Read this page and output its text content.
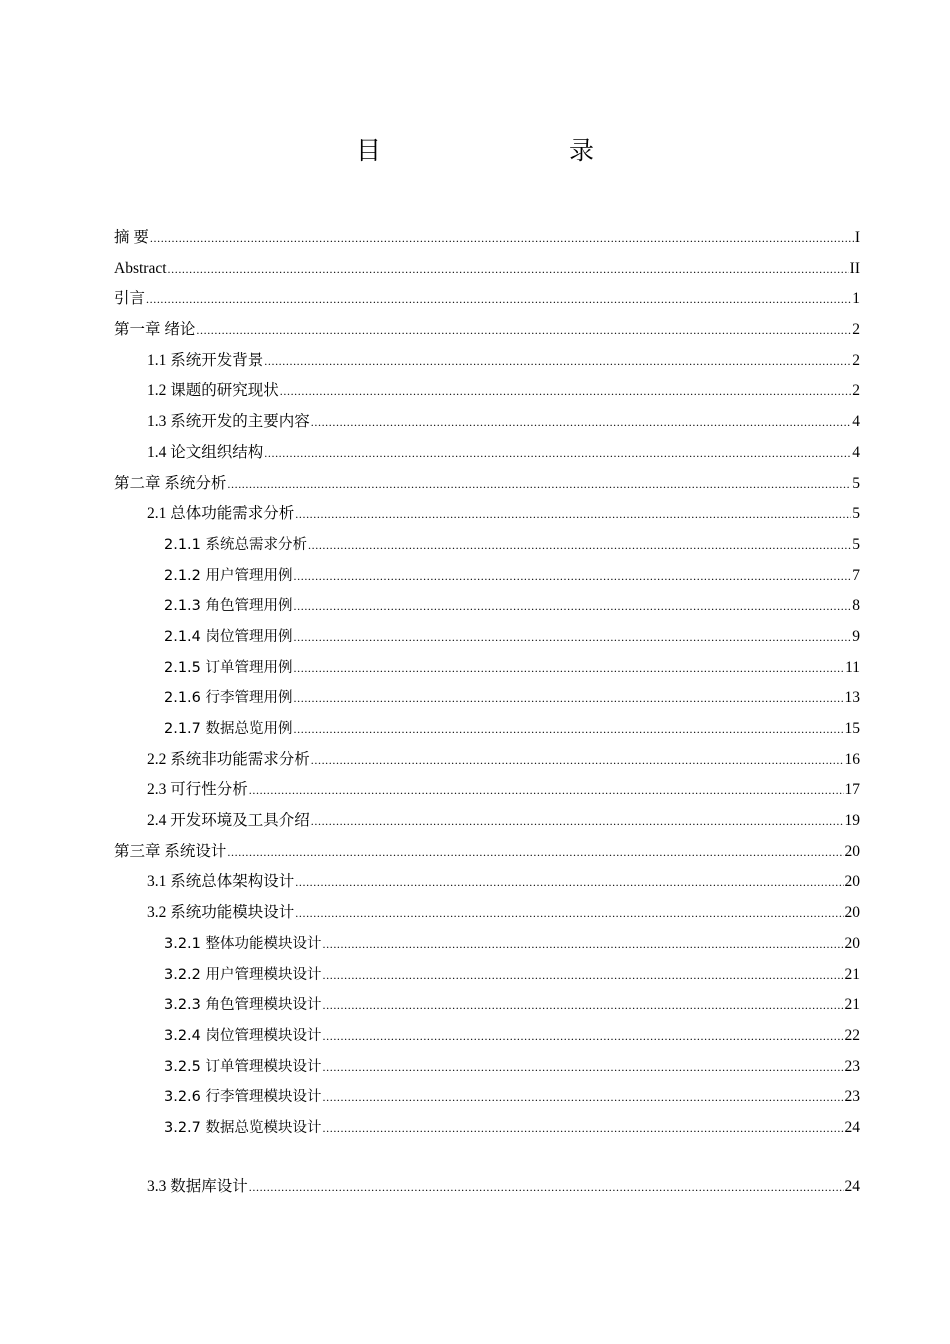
目　　录
摘 要 .....	I
Abstract .....	II
引言 .....	1
第一章 绪论 .....	2
1.1 系统开发背景 .....	2
1.2 课题的研究现状 .....	2
1.3 系统开发的主要内容 .....	4
1.4 论文组织结构 .....	4
第二章 系统分析 .....	5
2.1 总体功能需求分析 .....	5
2.1.1 系统总需求分析 .....	5
2.1.2 用户管理用例 .....	7
2.1.3 角色管理用例 .....	8
2.1.4 岗位管理用例 .....	9
2.1.5 订单管理用例 .....	11
2.1.6 行李管理用例 .....	13
2.1.7 数据总览用例 .....	15
2.2 系统非功能需求分析 .....	16
2.3 可行性分析 .....	17
2.4 开发环境及工具介绍 .....	19
第三章 系统设计 .....	20
3.1 系统总体架构设计 .....	20
3.2 系统功能模块设计 .....	20
3.2.1 整体功能模块设计 .....	20
3.2.2 用户管理模块设计 .....	21
3.2.3 角色管理模块设计 .....	21
3.2.4 岗位管理模块设计 .....	22
3.2.5 订单管理模块设计 .....	23
3.2.6 行李管理模块设计 .....	23
3.2.7 数据总览模块设计 .....	24
3.3 数据库设计 .....	24
